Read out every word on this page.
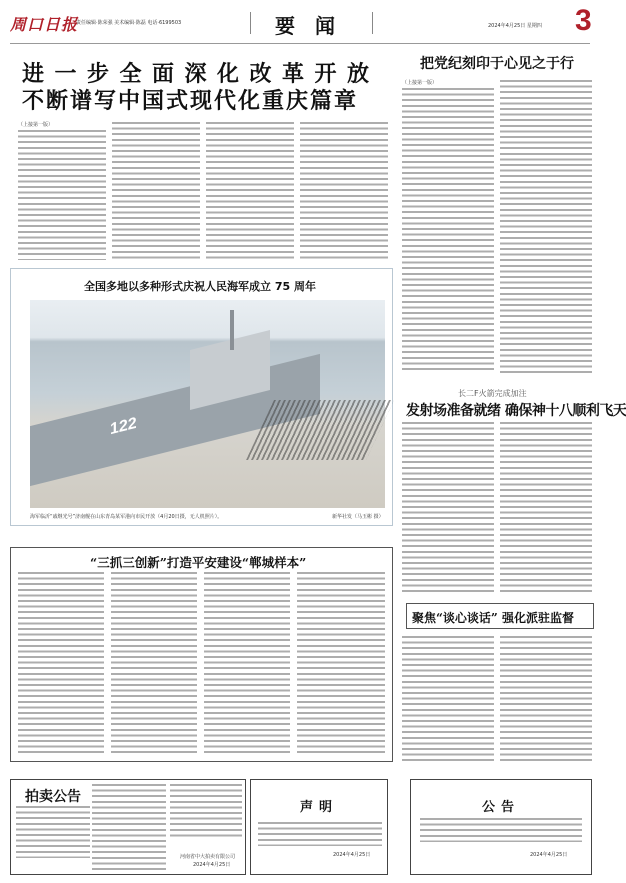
周口日报
责任编辑·陈荣强 美术编辑·陈磊 电话·6199503	要闻	2024年4月25日 星期四 3
进一步全面深化改革开放
不断谱写中国式现代化重庆篇章
（上接第一版）
把党纪刻印于心见之于行
（上接第一版）
全国多地以多种形式庆祝人民海军成立 75 周年
122
海军临沂“戚继光号”济南舰在山东青岛某军港向市民开放（4月20日摄，无人机照片）。	新华社发（马玉彬 摄）
长二F火箭完成加注
发射场准备就绪 确保神十八顺利飞天
“三抓三创新”打造平安建设“郸城样本”
聚焦“谈心谈话” 强化派驻监督
拍卖公告
河南省中大拍卖有限公司
2024年4月25日
声明
2024年4月25日
公告
2024年4月25日
